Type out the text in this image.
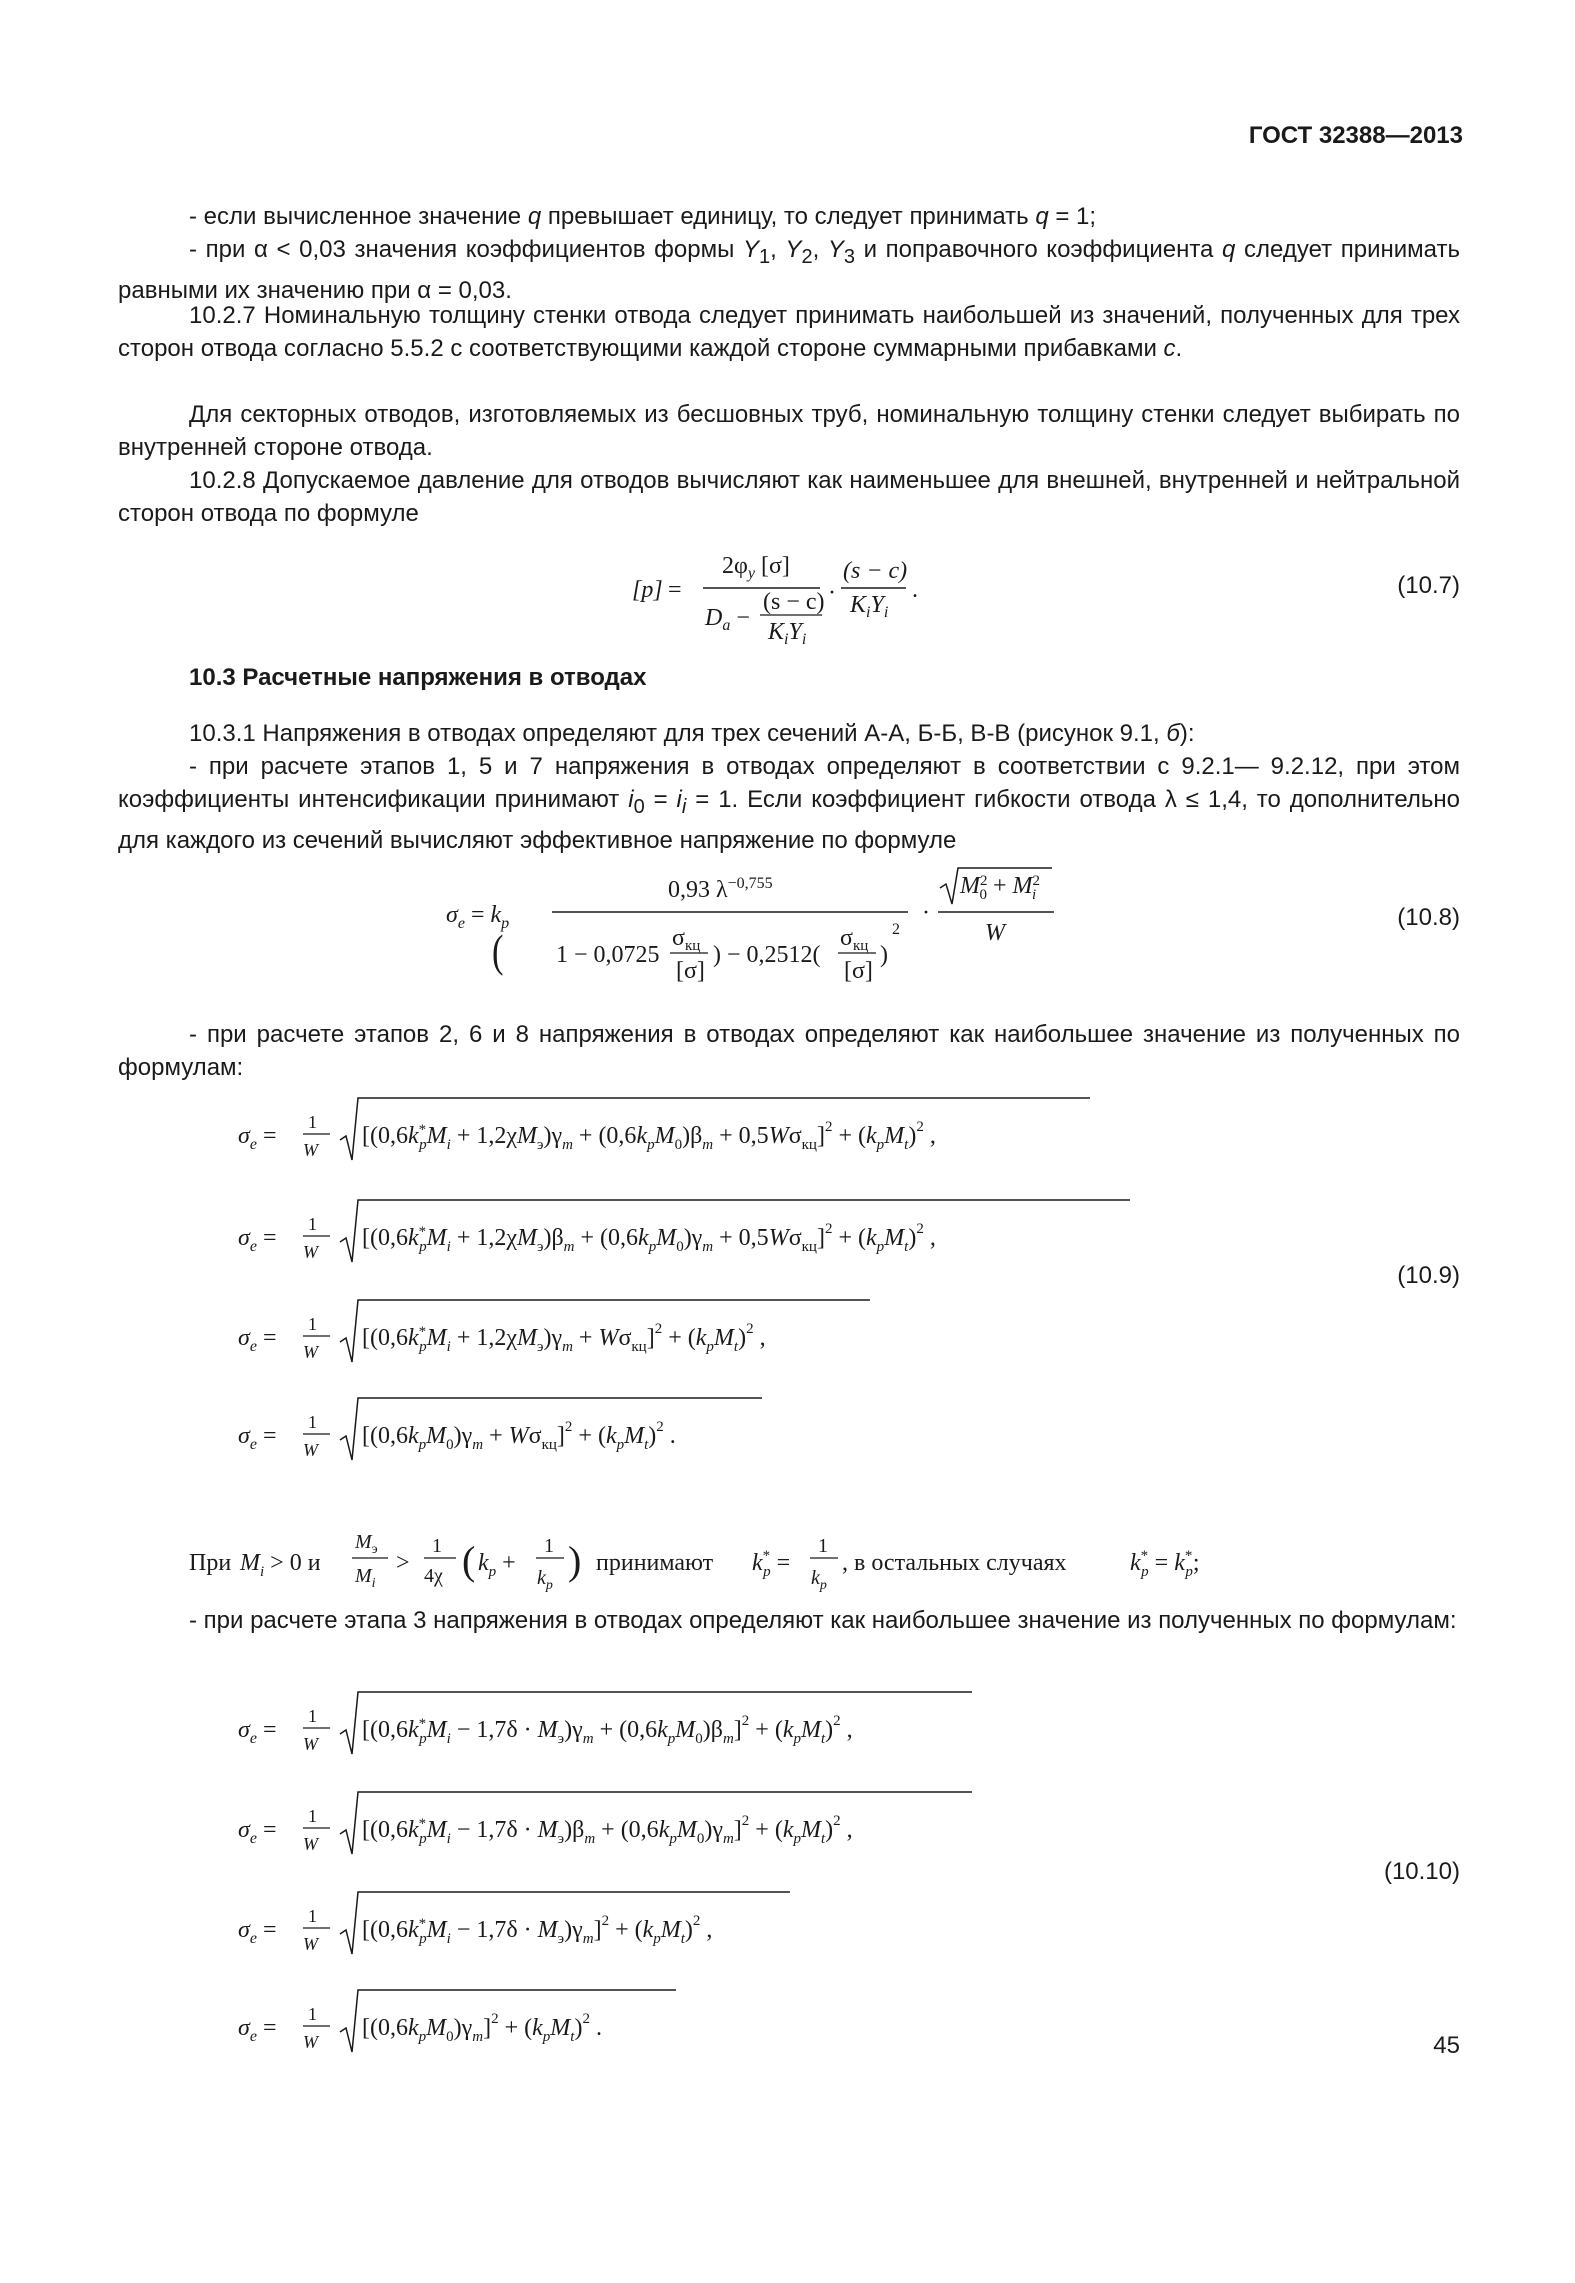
ГОСТ 32388—2013

- если вычисленное значение q превышает единицу, то следует принимать q = 1;

- при α < 0,03 значения коэффициентов формы $Y_1$, $Y_2$, $Y_3$ и поправочного коэффициента q следует принимать равными их значению при α = 0,03.

10.2.7 Номинальную толщину стенки отвода следует принимать наибольшей из значений, полученных для трех сторон отвода согласно 5.5.2 с соответствующими каждой стороне суммарными прибавками c.

Для секторных отводов, изготовляемых из бесшовных труб, номинальную толщину стенки следует выбирать по внутренней стороне отвода.

10.2.8 Допускаемое давление для отводов вычисляют как наименьшее для внешней, внутренней и нейтральной сторон отвода по формуле

[p] =
$2\varphi_y$ [σ]
$D_a$ −
(s − c)
$K_iY_i$
·
(s − c)
$K_iY_i$
.	(10.7)

10.3 Расчетные напряжения в отводах

10.3.1 Напряжения в отводах определяют для трех сечений А-А, Б-Б, В-В (рисунок 9.1, б):

- при расчете этапов 1, 5 и 7 напряжения в отводах определяют в соответствии с 9.2.1— 9.2.12, при этом коэффициенты интенсификации принимают $i_0 = i_i = 1$. Если коэффициент гибкости отвода λ ≤ 1,4, то дополнительно для каждого из сечений вычисляют эффективное напряжение по формуле

$\sigma_e = k_p$
0,93 $\lambda^{-0,755}$
1 − 0,0725
(	$\sigma_{кц}$
[σ]
) − 0,2512(
$\sigma_{кц}$
[σ]
)
2
·
$M^2$ $0 + M^2$ i
W
(10.8)

- при расчете этапов 2, 6 и 8 напряжения в отводах определяют как наибольшее значение из полученных по формулам:

$\sigma_e$ =
1
W
[(0,6k* $pM_i + 1,2\chi M_э)\gamma_m + (0,6k_pM_0)\beta_m + 0,5W\sigma_{кц}]^2 + (k_pM_t)^2$ ,
$\sigma_e$ =
1
W
[(0,6k* $pM_i + 1,2\chi M_э)\beta_m + (0,6k_pM_0)\gamma_m + 0,5W\sigma_{кц}]^2 + (k_pM_t)^2$ ,
$\sigma_e$ =
1
W
[(0,6k* $pM_i + 1,2\chi M_э)\gamma_m + W\sigma_{кц}]^2 + (k_pM_t)^2$ ,
$\sigma_e$ =
1
W
$[(0,6k_pM_0)\gamma_m + W\sigma_{кц}]^2 + (k_pM_t)^2$ .
(10.9)
При $M_i > 0$ и
$M_э$
$M_i$
>
1
4χ ( $k_p$ +
1
$k_p$
) принимают k* p =
1
$k_p$
, в остальных случаях	k* p = k* p;

- при расчете этапа 3 напряжения в отводах определяют как наибольшее значение из полученных по формулам:

$\sigma_e$ =
1
W
[(0,6k* $pM_i - 1,7\delta \cdot M_э)\gamma_m + (0,6k_pM_0)\beta_m]^2 + (k_pM_t)^2$ ,
$\sigma_e$ =
1
W
[(0,6k* $pM_i - 1,7\delta \cdot M_э)\beta_m + (0,6k_pM_0)\gamma_m]^2 + (k_pM_t)^2$ ,
$\sigma_e$ =
1
W
[(0,6k* $pM_i - 1,7\delta \cdot M_э)\gamma_m]^2 + (k_pM_t)^2$ ,
$\sigma_e$ =
1
W
$[(0,6k_pM_0)\gamma_m]^2 + (k_pM_t)^2$ .
(10.10)
45
